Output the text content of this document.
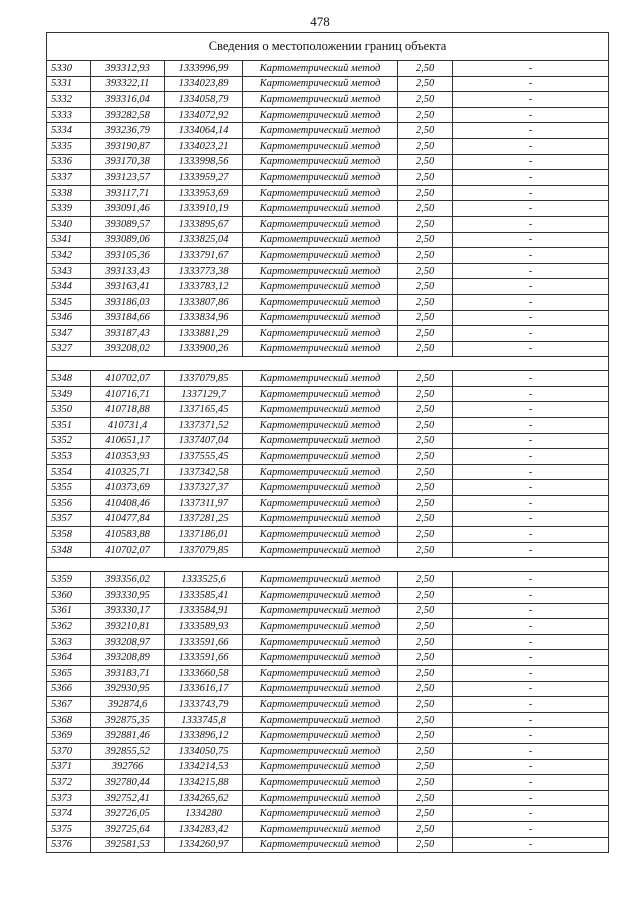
478
Сведения о местоположении границ объекта					
5330	393312,93	1333996,99	Картометрический метод	2,50	-
5331	393322,11	1334023,89	Картометрический метод	2,50	-
5332	393316,04	1334058,79	Картометрический метод	2,50	-
5333	393282,58	1334072,92	Картометрический метод	2,50	-
5334	393236,79	1334064,14	Картометрический метод	2,50	-
5335	393190,87	1334023,21	Картометрический метод	2,50	-
5336	393170,38	1333998,56	Картометрический метод	2,50	-
5337	393123,57	1333959,27	Картометрический метод	2,50	-
5338	393117,71	1333953,69	Картометрический метод	2,50	-
5339	393091,46	1333910,19	Картометрический метод	2,50	-
5340	393089,57	1333895,67	Картометрический метод	2,50	-
5341	393089,06	1333825,04	Картометрический метод	2,50	-
5342	393105,36	1333791,67	Картометрический метод	2,50	-
5343	393133,43	1333773,38	Картометрический метод	2,50	-
5344	393163,41	1333783,12	Картометрический метод	2,50	-
5345	393186,03	1333807,86	Картометрический метод	2,50	-
5346	393184,66	1333834,96	Картометрический метод	2,50	-
5347	393187,43	1333881,29	Картометрический метод	2,50	-
5327	393208,02	1333900,26	Картометрический метод	2,50	-

5348	410702,07	1337079,85	Картометрический метод	2,50	-
5349	410716,71	1337129,7	Картометрический метод	2,50	-
5350	410718,88	1337165,45	Картометрический метод	2,50	-
5351	410731,4	1337371,52	Картометрический метод	2,50	-
5352	410651,17	1337407,04	Картометрический метод	2,50	-
5353	410353,93	1337555,45	Картометрический метод	2,50	-
5354	410325,71	1337342,58	Картометрический метод	2,50	-
5355	410373,69	1337327,37	Картометрический метод	2,50	-
5356	410408,46	1337311,97	Картометрический метод	2,50	-
5357	410477,84	1337281,25	Картометрический метод	2,50	-
5358	410583,88	1337186,01	Картометрический метод	2,50	-
5348	410702,07	1337079,85	Картометрический метод	2,50	-

5359	393356,02	1333525,6	Картометрический метод	2,50	-
5360	393330,95	1333585,41	Картометрический метод	2,50	-
5361	393330,17	1333584,91	Картометрический метод	2,50	-
5362	393210,81	1333589,93	Картометрический метод	2,50	-
5363	393208,97	1333591,66	Картометрический метод	2,50	-
5364	393208,89	1333591,66	Картометрический метод	2,50	-
5365	393183,71	1333660,58	Картометрический метод	2,50	-
5366	392930,95	1333616,17	Картометрический метод	2,50	-
5367	392874,6	1333743,79	Картометрический метод	2,50	-
5368	392875,35	1333745,8	Картометрический метод	2,50	-
5369	392881,46	1333896,12	Картометрический метод	2,50	-
5370	392855,52	1334050,75	Картометрический метод	2,50	-
5371	392766	1334214,53	Картометрический метод	2,50	-
5372	392780,44	1334215,88	Картометрический метод	2,50	-
5373	392752,41	1334265,62	Картометрический метод	2,50	-
5374	392726,05	1334280	Картометрический метод	2,50	-
5375	392725,64	1334283,42	Картометрический метод	2,50	-
5376	392581,53	1334260,97	Картометрический метод	2,50	-
